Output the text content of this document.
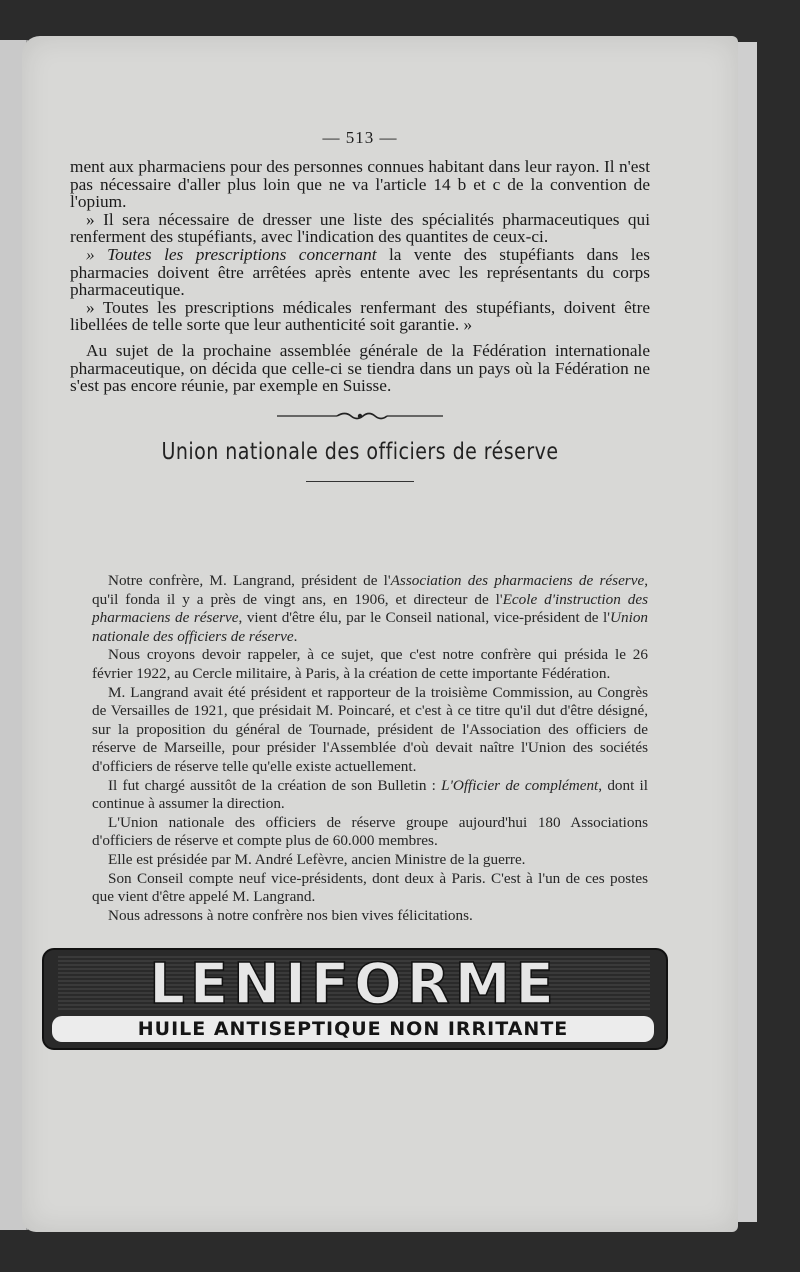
— 513 —

ment aux pharmaciens pour des personnes connues habitant dans leur rayon. Il n'est pas nécessaire d'aller plus loin que ne va l'article 14 b et c de la convention de l'opium.

» Il sera nécessaire de dresser une liste des spécialités pharmaceutiques qui renferment des stupéfiants, avec l'indication des quantites de ceux-ci.

» Toutes les prescriptions concernant la vente des stupéfiants dans les pharmacies doivent être arrêtées après entente avec les représentants du corps pharmaceutique.

» Toutes les prescriptions médicales renfermant des stupéfiants, doivent être libellées de telle sorte que leur authenticité soit garantie. »

Au sujet de la prochaine assemblée générale de la Fédération internationale pharmaceutique, on décida que celle-ci se tiendra dans un pays où la Fédération ne s'est pas encore réunie, par exemple en Suisse.

Union nationale des officiers de réserve

Notre confrère, M. Langrand, président de l'Association des pharmaciens de réserve, qu'il fonda il y a près de vingt ans, en 1906, et directeur de l'Ecole d'instruction des pharmaciens de réserve, vient d'être élu, par le Conseil national, vice-président de l'Union nationale des officiers de réserve.

Nous croyons devoir rappeler, à ce sujet, que c'est notre confrère qui présida le 26 février 1922, au Cercle militaire, à Paris, à la création de cette importante Fédération.

M. Langrand avait été président et rapporteur de la troisième Commission, au Congrès de Versailles de 1921, que présidait M. Poincaré, et c'est à ce titre qu'il dut d'être désigné, sur la proposition du général de Tournade, président de l'Association des officiers de réserve de Marseille, pour présider l'Assemblée d'où devait naître l'Union des sociétés d'officiers de réserve telle qu'elle existe actuellement.

Il fut chargé aussitôt de la création de son Bulletin : L'Officier de complément, dont il continue à assumer la direction.

L'Union nationale des officiers de réserve groupe aujourd'hui 180 Associations d'officiers de réserve et compte plus de 60.000 membres.

Elle est présidée par M. André Lefèvre, ancien Ministre de la guerre.

Son Conseil compte neuf vice-présidents, dont deux à Paris. C'est à l'un de ces postes que vient d'être appelé M. Langrand.

Nous adressons à notre confrère nos bien vives félicitations.

LENIFORME
HUILE ANTISEPTIQUE NON IRRITANTE
